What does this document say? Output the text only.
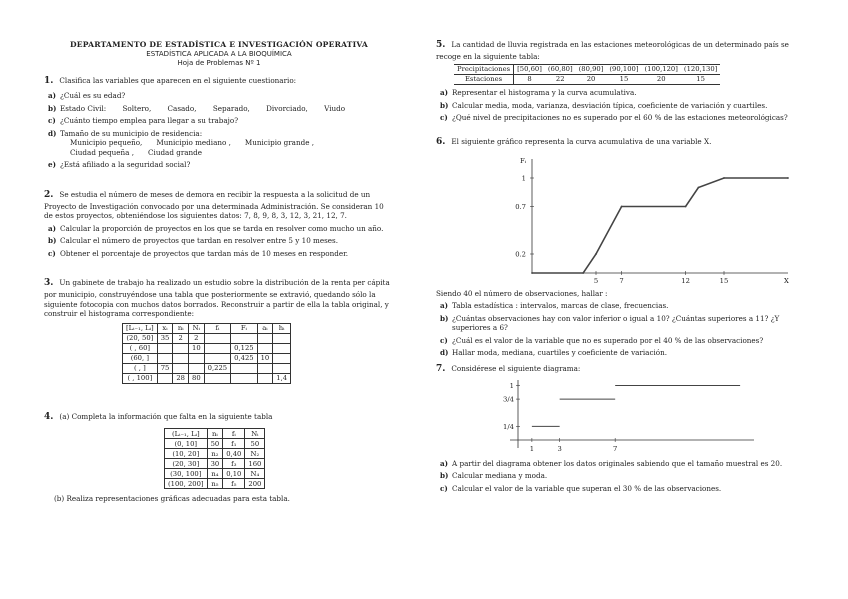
DEPARTAMENTO DE ESTADÍSTICA E INVESTIGACIÓN OPERATIVA
ESTADÍSTICA APLICADA A LA BIOQUÍMICA
Hoja de Problemas Nº 1
1. Clasifica las variables que aparecen en el siguiente cuestionario:
a) ¿Cuál es su edad?
b) Estado Civil: Soltero, Casado, Separado, Divorciado, Viudo
c) ¿Cuánto tiempo emplea para llegar a su trabajo?
d) Tamaño de su municipio de residencia:
Municipio pequeño, Municipio mediano , Municipio grande ,
Ciudad pequeña , Ciudad grande
e) ¿Está afiliado a la seguridad social?
2. Se estudia el número de meses de demora en recibir la respuesta a la solicitud de un Proyecto de Investigación convocado por una determinada Administración. Se consideran 10 de estos proyectos, obteniéndose los siguientes datos: 7, 8, 9, 8, 3, 12, 3, 21, 12, 7.
a) Calcular la proporción de proyectos en los que se tarda en resolver como mucho un año.
b) Calcular el número de proyectos que tardan en resolver entre 5 y 10 meses.
c) Obtener el porcentaje de proyectos que tardan más de 10 meses en responder.
3. Un gabinete de trabajo ha realizado un estudio sobre la distribución de la renta per cápita por municipio, construyéndose una tabla que posteriormente se extravió, quedando sólo la siguiente fotocopia con muchos datos borrados. Reconstruir a partir de ella la tabla original, y construir el histograma correspondiente:
[Lᵢ₋₁, Lᵢ]	xᵢ	nᵢ	Nᵢ	fᵢ	Fᵢ	aᵢ	hᵢ
(20, 50]	35	2	2				
( , 60]			10		0,125		
(60, ]					0,425	10	
( , ]	75			0,225			
( , 100]		28	80				1,4
4. (a) Completa la información que falta en la siguiente tabla
(Lᵢ₋₁, Lᵢ]	nᵢ	fᵢ	Nᵢ
(0, 10]	50	f₁	50
(10, 20]	n₂	0,40	N₂
(20, 30]	30	f₃	160
(30, 100]	n₄	0,10	N₄
(100, 200]	n₅	f₅	200
(b) Realiza representaciones gráficas adecuadas para esta tabla.
5. La cantidad de lluvia registrada en las estaciones meteorológicas de un determinado país se recoge en la siguiente tabla:
Precipitaciones	[50,60]	(60,80]	(80,90]	(90,100]	(100,120]	(120,130]
Estaciones	8	22	20	15	20	15
a) Representar el histograma y la curva acumulativa.
b) Calcular media, moda, varianza, desviación típica, coeficiente de variación y cuartiles.
c) ¿Qué nivel de precipitaciones no es superado por el 60 % de las estaciones meteorológicas?
6. El siguiente gráfico representa la curva acumulativa de una variable X.
Fᵢ
X
0.2
0.7
1
5	7	12	15
Siendo 40 el número de observaciones, hallar :
a) Tabla estadística : intervalos, marcas de clase, frecuencias.
b) ¿Cuántas observaciones hay con valor inferior o igual a 10? ¿Cuántas superiores a 11? ¿Y superiores a 6?
c) ¿Cuál es el valor de la variable que no es superado por el 40 % de las observaciones?
d) Hallar moda, mediana, cuartiles y coeficiente de variación.
7. Considérese el siguiente diagrama:
1/4
3/4
1
1	3	7
a) A partir del diagrama obtener los datos originales sabiendo que el tamaño muestral es 20.
b) Calcular mediana y moda.
c) Calcular el valor de la variable que superan el 30 % de las observaciones.
